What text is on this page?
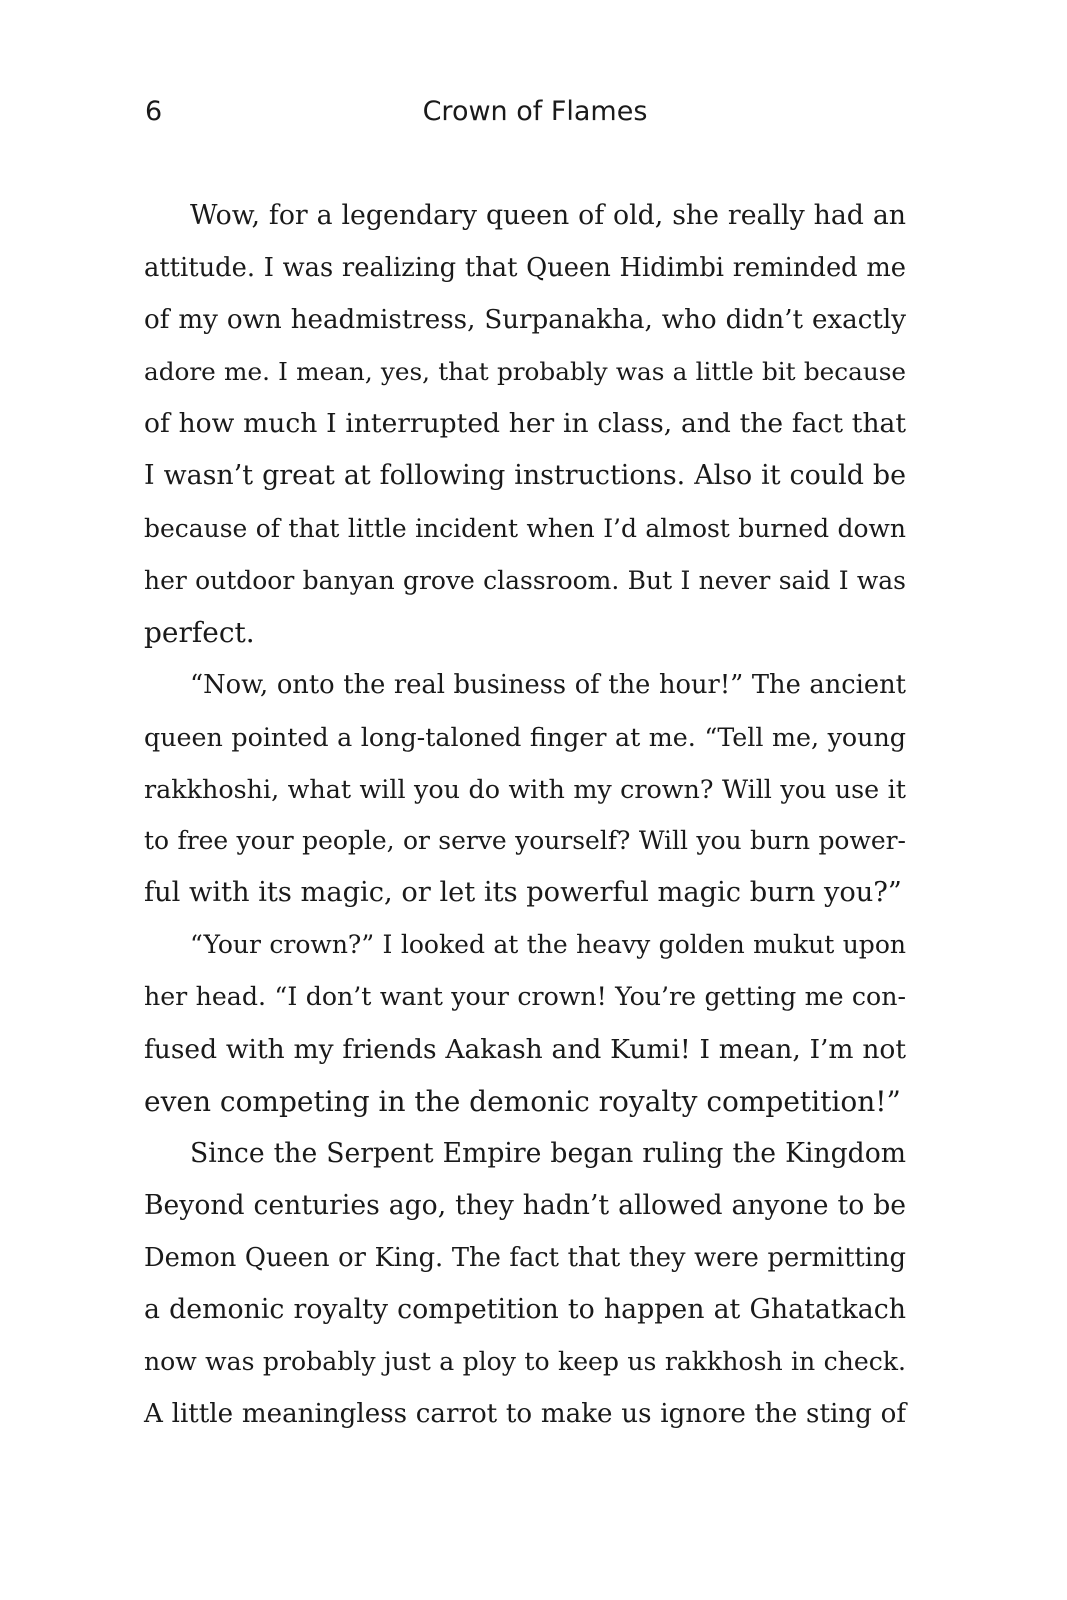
6	Crown of Flames
Wow, for a legendary queen of old, she really had an
attitude. I was realizing that Queen Hidimbi reminded me
of my own headmistress, Surpanakha, who didn’t exactly
adore me. I mean, yes, that probably was a little bit because
of how much I interrupted her in class, and the fact that
I wasn’t great at following instructions. Also it could be
because of that little incident when I’d almost burned down
her outdoor banyan grove classroom. But I never said I was
perfect.
“Now, onto the real business of the hour!” The ancient
queen pointed a long-taloned finger at me. “Tell me, young
rakkhoshi, what will you do with my crown? Will you use it
to free your people, or serve yourself? Will you burn power-
ful with its magic, or let its powerful magic burn you?”
“Your crown?” I looked at the heavy golden mukut upon
her head. “I don’t want your crown! You’re getting me con-
fused with my friends Aakash and Kumi! I mean, I’m not
even competing in the demonic royalty competition!”
Since the Serpent Empire began ruling the Kingdom
Beyond centuries ago, they hadn’t allowed anyone to be
Demon Queen or King. The fact that they were permitting
a demonic royalty competition to happen at Ghatatkach
now was probably just a ploy to keep us rakkhosh in check.
A little meaningless carrot to make us ignore the sting of
